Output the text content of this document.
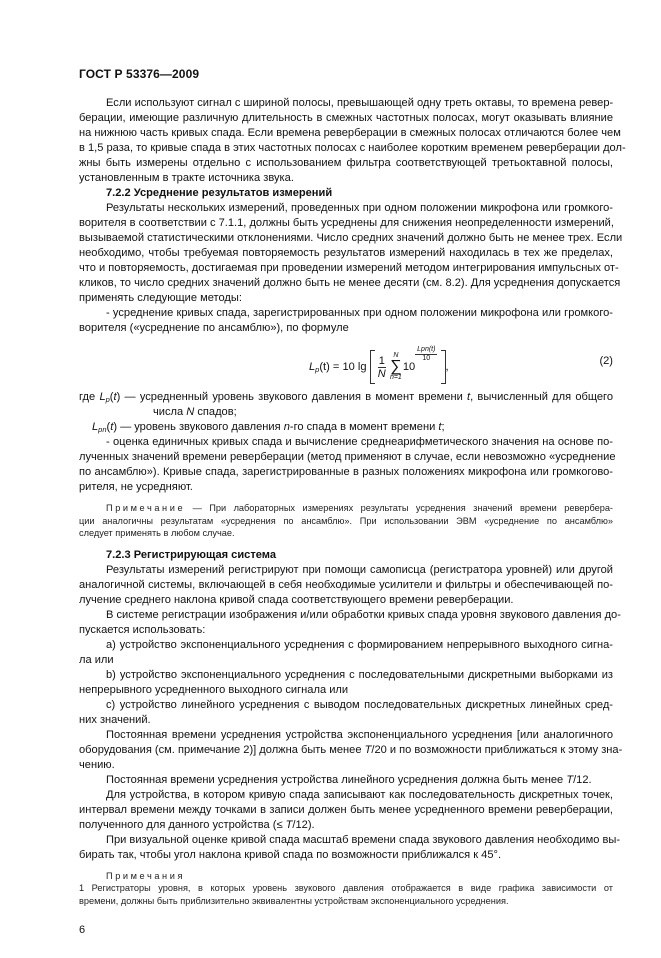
ГОСТ Р 53376—2009
Если используют сигнал с шириной полосы, превышающей одну треть октавы, то времена ревер-
берации, имеющие различную длительность в смежных частотных полосах, могут оказывать влияние
на нижнюю часть кривых спада. Если времена реверберации в смежных полосах отличаются более чем
в 1,5 раза, то кривые спада в этих частотных полосах с наиболее коротким временем реверберации дол-
жны быть измерены отдельно с использованием фильтра соответствующей третьоктавной полосы,
установленным в тракте источника звука.
7.2.2 Усреднение результатов измерений
Результаты нескольких измерений, проведенных при одном положении микрофона или громкого-
ворителя в соответствии с 7.1.1, должны быть усреднены для снижения неопределенности измерений,
вызываемой статистическими отклонениями. Число средних значений должно быть не менее трех. Если
необходимо, чтобы требуемая повторяемость результатов измерений находилась в тех же пределах,
что и повторяемость, достигаемая при проведении измерений методом интегрирования импульсных от-
кликов, то число средних значений должно быть не менее десяти (см. 8.2). Для усреднения допускается
применять следующие методы:
- усреднение кривых спада, зарегистрированных при одном положении микрофона или громкого-
ворителя («усреднение по ансамблю»), по формуле
$L_p(t) = 10$ $\lg \frac{1}{N}$	N
∑
n=1
10
Lpn(t)
10 ,	(2)
где $L_p(t)$ — усредненный уровень звукового давления в момент времени t, вычисленный для общего
числа N спадов;
$L_{pn}(t)$ — уровень звукового давления n-го спада в момент времени t;
- оценка единичных кривых спада и вычисление среднеарифметического значения на основе по-
лученных значений времени реверберации (метод применяют в случае, если невозможно «усреднение
по ансамблю»). Кривые спада, зарегистрированные в разных положениях микрофона или громкогово-
рителя, не усредняют.
Примечание — При лабораторных измерениях результаты усреднения значений времени ревербера-
ции аналогичны результатам «усреднения по ансамблю». При использовании ЭВМ «усреднение по ансамблю»
следует применять в любом случае.
7.2.3 Регистрирующая система
Результаты измерений регистрируют при помощи самописца (регистратора уровней) или другой
аналогичной системы, включающей в себя необходимые усилители и фильтры и обеспечивающей по-
лучение среднего наклона кривой спада соответствующего времени реверберации.
В системе регистрации изображения и/или обработки кривых спада уровня звукового давления до-
пускается использовать:
a) устройство экспоненциального усреднения с формированием непрерывного выходного сигна-
ла или
b) устройство экспоненциального усреднения с последовательными дискретными выборками из
непрерывного усредненного выходного сигнала или
c) устройство линейного усреднения с выводом последовательных дискретных линейных сред-
них значений.
Постоянная времени усреднения устройства экспоненциального усреднения [или аналогичного
оборудования (см. примечание 2)] должна быть менее T/20 и по возможности приближаться к этому зна-
чению.
Постоянная времени усреднения устройства линейного усреднения должна быть менее T/12.
Для устройства, в котором кривую спада записывают как последовательность дискретных точек,
интервал времени между точками в записи должен быть менее усредненного времени реверберации,
полученного для данного устройства (≤ T/12).
При визуальной оценке кривой спада масштаб времени спада звукового давления необходимо вы-
бирать так, чтобы угол наклона кривой спада по возможности приближался к 45°.
Примечания
1 Регистраторы уровня, в которых уровень звукового давления отображается в виде графика зависимости от
времени, должны быть приблизительно эквивалентны устройствам экспоненциального усреднения.
6
